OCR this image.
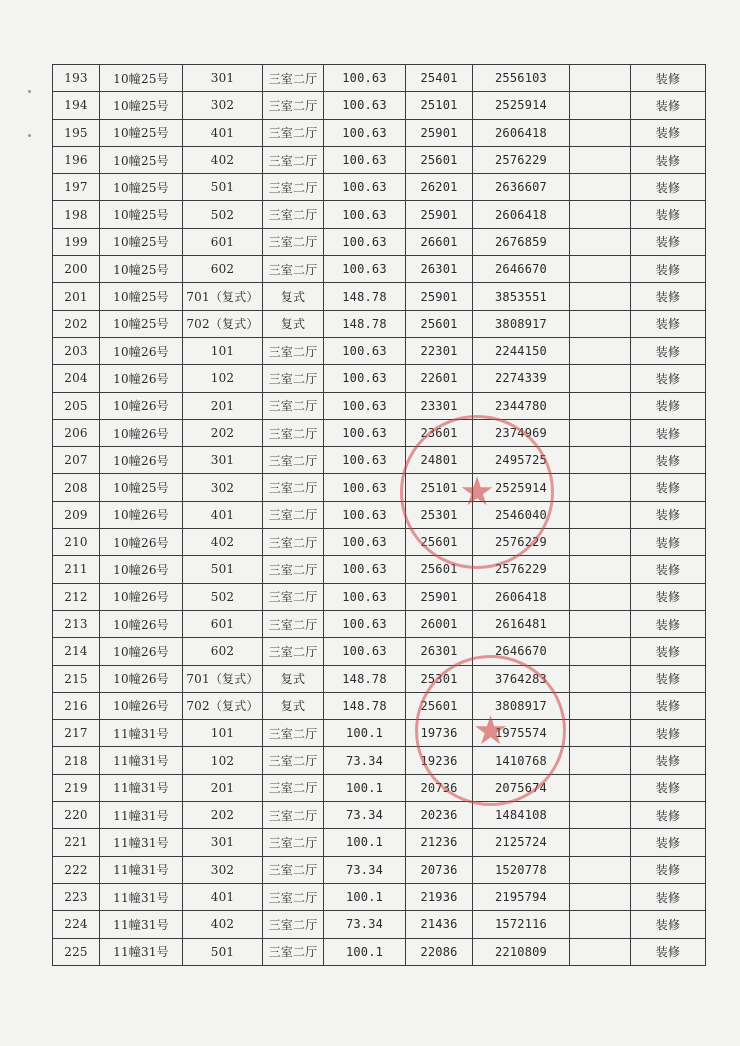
193	10幢25号	301	三室二厅	100.63	25401	2556103		装修
194	10幢25号	302	三室二厅	100.63	25101	2525914		装修
195	10幢25号	401	三室二厅	100.63	25901	2606418		装修
196	10幢25号	402	三室二厅	100.63	25601	2576229		装修
197	10幢25号	501	三室二厅	100.63	26201	2636607		装修
198	10幢25号	502	三室二厅	100.63	25901	2606418		装修
199	10幢25号	601	三室二厅	100.63	26601	2676859		装修
200	10幢25号	602	三室二厅	100.63	26301	2646670		装修
201	10幢25号	701（复式）	复式	148.78	25901	3853551		装修
202	10幢25号	702（复式）	复式	148.78	25601	3808917		装修
203	10幢26号	101	三室二厅	100.63	22301	2244150		装修
204	10幢26号	102	三室二厅	100.63	22601	2274339		装修
205	10幢26号	201	三室二厅	100.63	23301	2344780		装修
206	10幢26号	202	三室二厅	100.63	23601	2374969		装修
207	10幢26号	301	三室二厅	100.63	24801	2495725		装修
208	10幢25号	302	三室二厅	100.63	25101	2525914		装修
209	10幢26号	401	三室二厅	100.63	25301	2546040		装修
210	10幢26号	402	三室二厅	100.63	25601	2576229		装修
211	10幢26号	501	三室二厅	100.63	25601	2576229		装修
212	10幢26号	502	三室二厅	100.63	25901	2606418		装修
213	10幢26号	601	三室二厅	100.63	26001	2616481		装修
214	10幢26号	602	三室二厅	100.63	26301	2646670		装修
215	10幢26号	701（复式）	复式	148.78	25301	3764283		装修
216	10幢26号	702（复式）	复式	148.78	25601	3808917		装修
217	11幢31号	101	三室二厅	100.1	19736	1975574		装修
218	11幢31号	102	三室二厅	73.34	19236	1410768		装修
219	11幢31号	201	三室二厅	100.1	20736	2075674		装修
220	11幢31号	202	三室二厅	73.34	20236	1484108		装修
221	11幢31号	301	三室二厅	100.1	21236	2125724		装修
222	11幢31号	302	三室二厅	73.34	20736	1520778		装修
223	11幢31号	401	三室二厅	100.1	21936	2195794		装修
224	11幢31号	402	三室二厅	73.34	21436	1572116		装修
225	11幢31号	501	三室二厅	100.1	22086	2210809		装修
★
★
